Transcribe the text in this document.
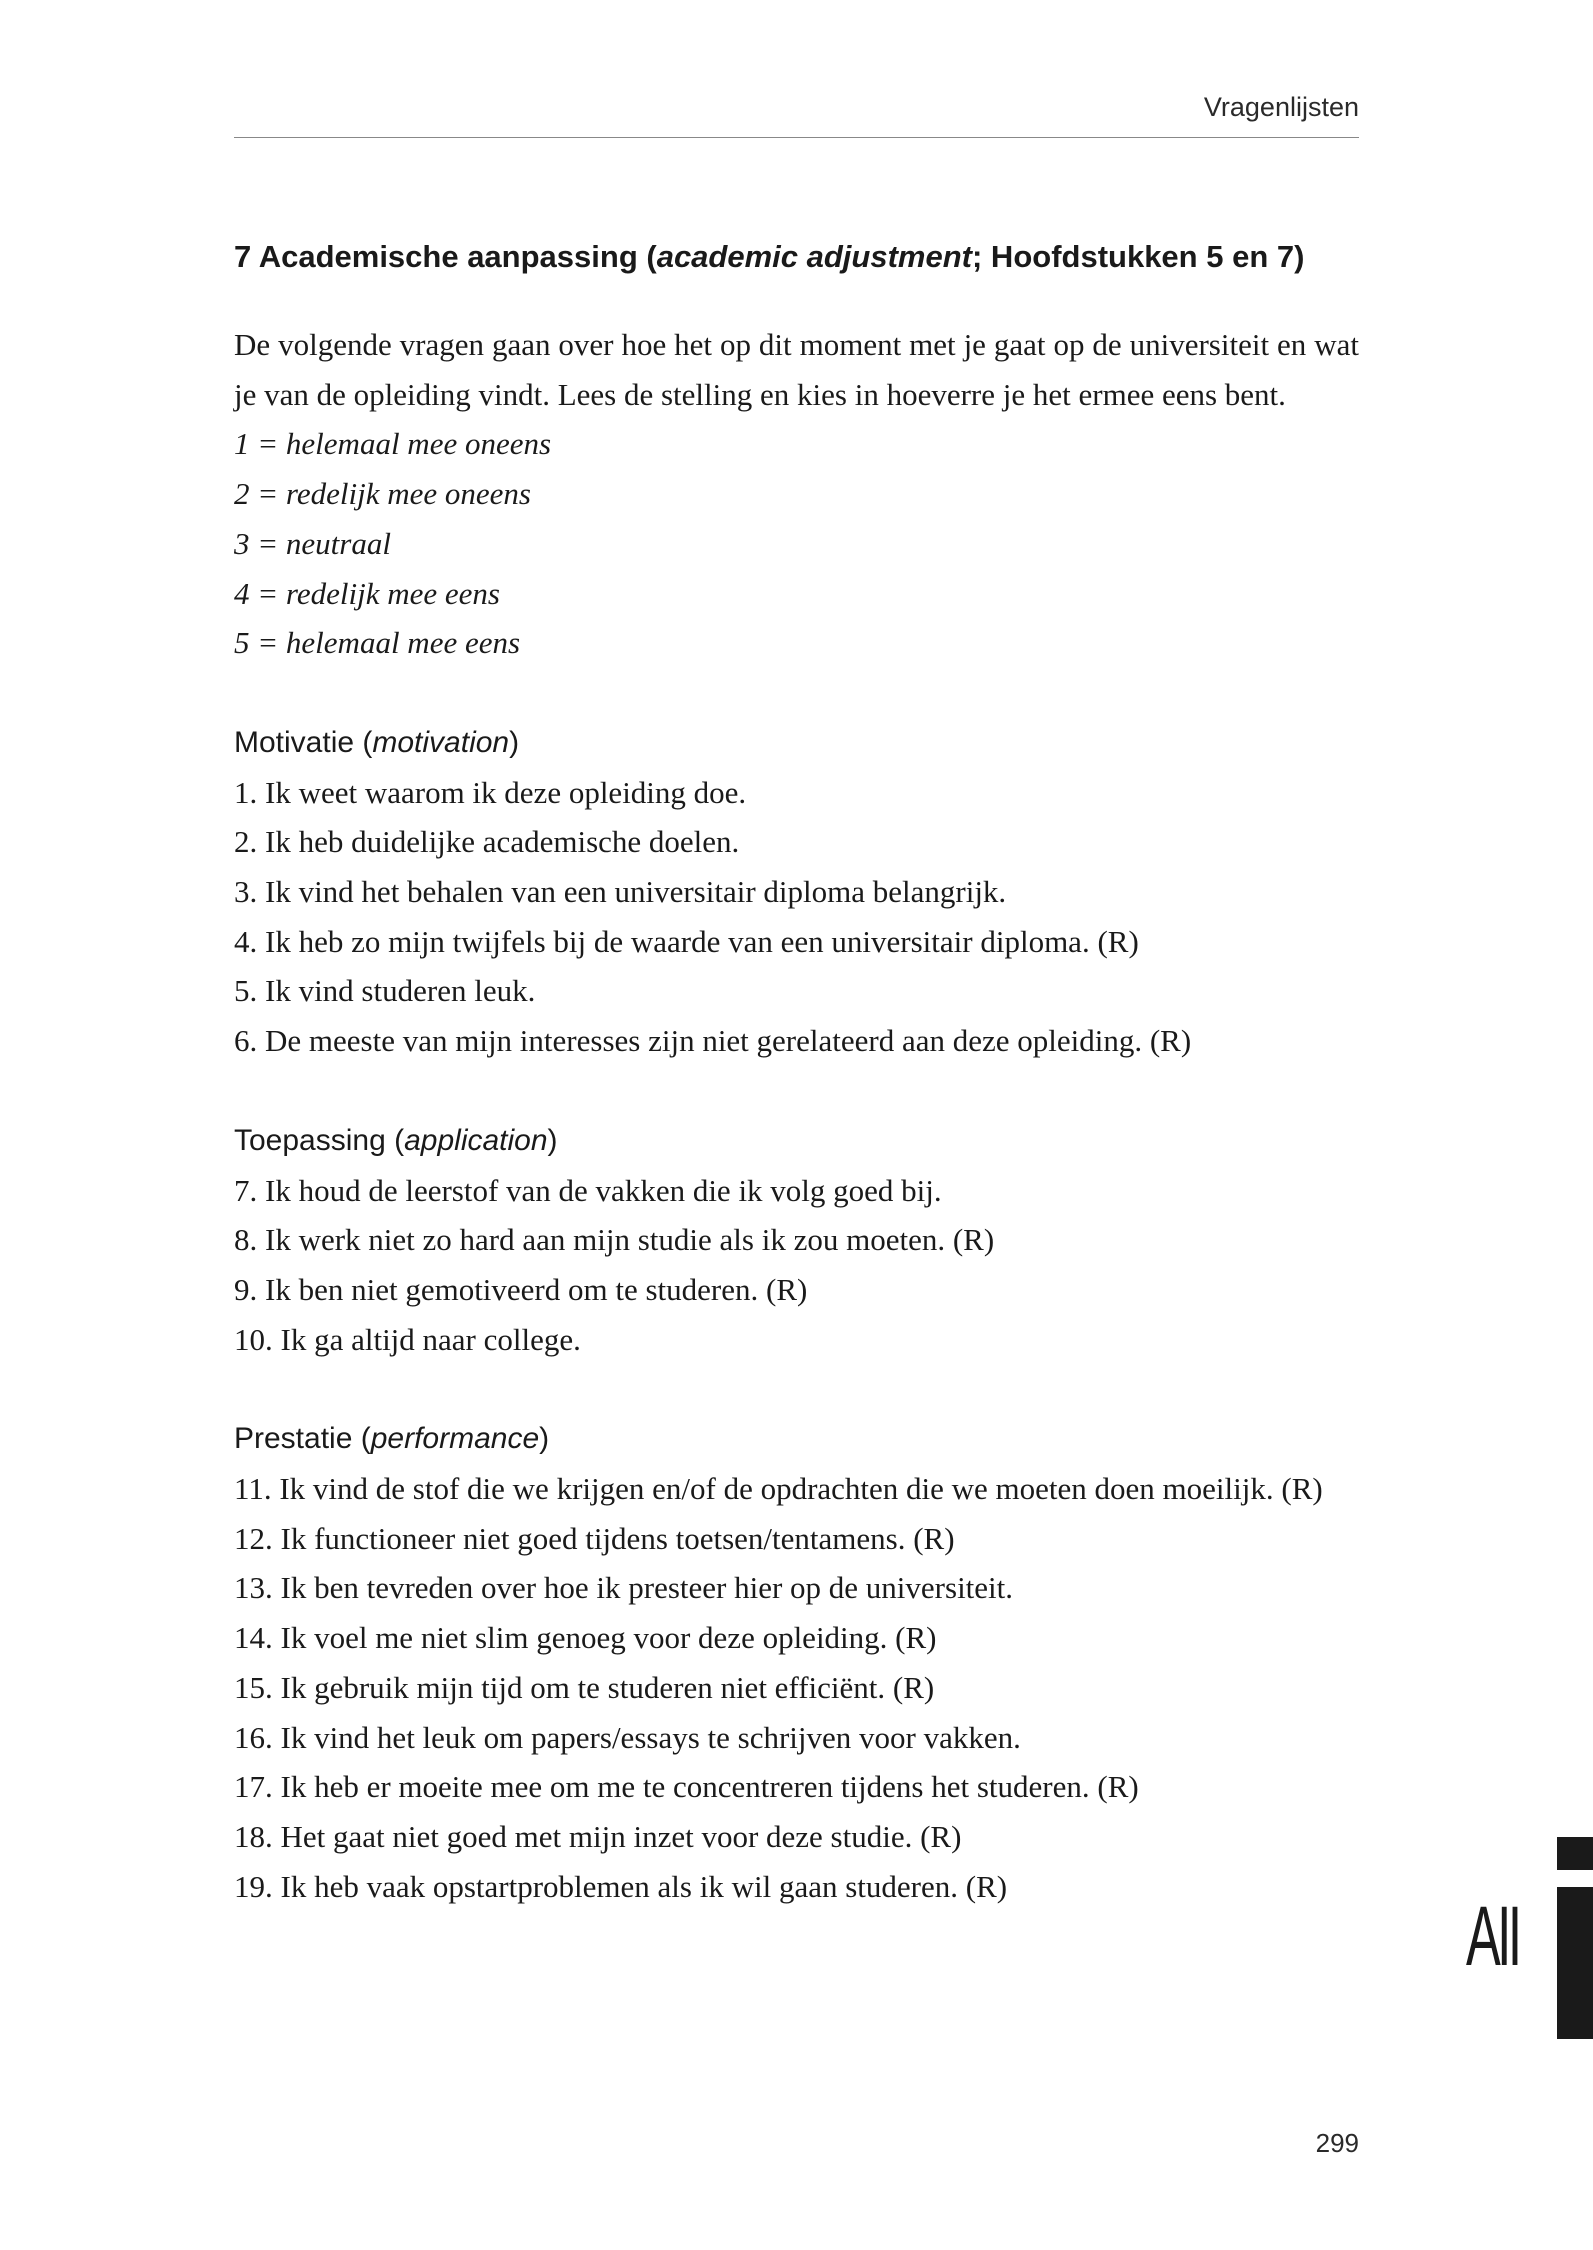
Vragenlijsten
7 Academische aanpassing (academic adjustment; Hoofdstukken 5 en 7)
De volgende vragen gaan over hoe het op dit moment met je gaat op de universiteit en wat je van de opleiding vindt. Lees de stelling en kies in hoeverre je het ermee eens bent.
1 = helemaal mee oneens
2 = redelijk mee oneens
3 = neutraal
4 = redelijk mee eens
5 = helemaal mee eens
Motivatie (motivation)
1. Ik weet waarom ik deze opleiding doe.
2. Ik heb duidelijke academische doelen.
3. Ik vind het behalen van een universitair diploma belangrijk.
4. Ik heb zo mijn twijfels bij de waarde van een universitair diploma. (R)
5. Ik vind studeren leuk.
6. De meeste van mijn interesses zijn niet gerelateerd aan deze opleiding. (R)
Toepassing (application)
7. Ik houd de leerstof van de vakken die ik volg goed bij.
8. Ik werk niet zo hard aan mijn studie als ik zou moeten. (R)
9. Ik ben niet gemotiveerd om te studeren. (R)
10. Ik ga altijd naar college.
Prestatie (performance)
11. Ik vind de stof die we krijgen en/of de opdrachten die we moeten doen moeilijk. (R)
12. Ik functioneer niet goed tijdens toetsen/tentamens. (R)
13. Ik ben tevreden over hoe ik presteer hier op de universiteit.
14. Ik voel me niet slim genoeg voor deze opleiding. (R)
15. Ik gebruik mijn tijd om te studeren niet efficiënt. (R)
16. Ik vind het leuk om papers/essays te schrijven voor vakken.
17. Ik heb er moeite mee om me te concentreren tijdens het studeren. (R)
18. Het gaat niet goed met mijn inzet voor deze studie. (R)
19. Ik heb vaak opstartproblemen als ik wil gaan studeren. (R)
AII
299
